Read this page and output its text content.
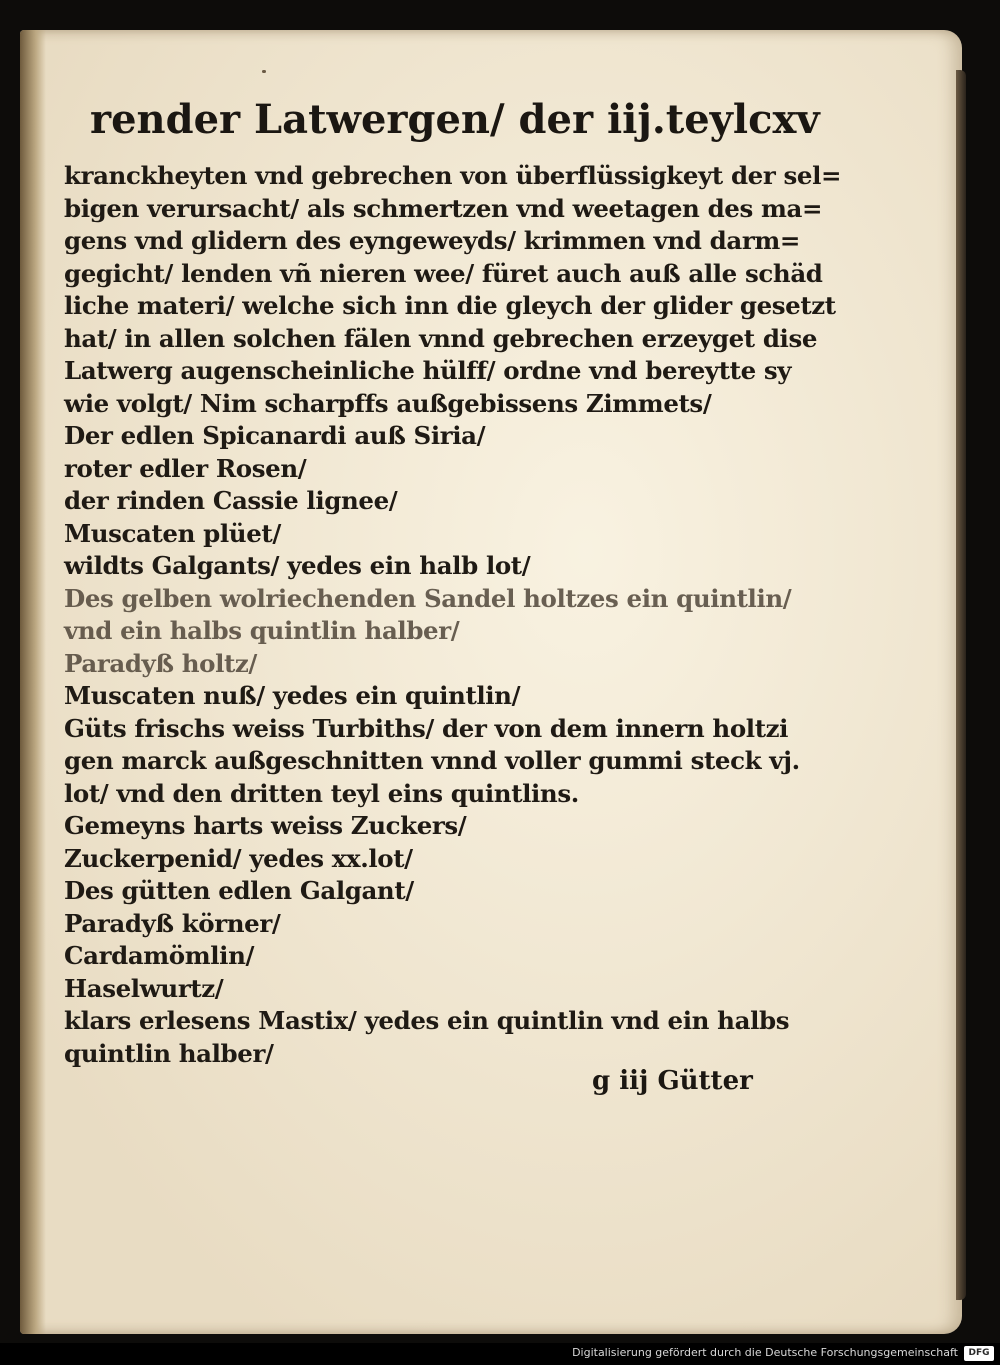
render Latwergen/ der iij.teyl cxv
kranckheyten vnd gebrechen von überflüssigkeyt der sel=
bigen verursacht/ als schmertzen vnd weetagen des ma=
gens vnd glidern des eyngeweyds/ krimmen vnd darm=
gegicht/ lenden vñ nieren wee/ füret auch auß alle schäd
liche materi/ welche sich inn die gleych der glider gesetzt
hat/ in allen solchen fälen vnnd gebrechen erzeyget dise
Latwerg augenscheinliche hülff/ ordne vnd bereytte sy
wie volgt/ Nim scharpffs außgebissens Zimmets/
Der edlen Spicanardi auß Siria/
roter edler Rosen/
der rinden Cassie lignee/
Muscaten plüet/
wildts Galgants/ yedes ein halb lot/
Des gelben wolriechenden Sandel holtzes ein quintlin/
vnd ein halbs quintlin halber/
Paradyß holtz/
Muscaten nuß/ yedes ein quintlin/
Güts frischs weiss Turbiths/ der von dem innern holtzi
gen marck außgeschnitten vnnd voller gummi steck vj.
lot/ vnd den dritten teyl eins quintlins.
Gemeyns harts weiss Zuckers/
Zuckerpenid/ yedes xx.lot/
Des gütten edlen Galgant/
Paradyß körner/
Cardamömlin/
Haselwurtz/
klars erlesens Mastix/ yedes ein quintlin vnd ein halbs
quintlin halber/
g iij Gütter
Digitalisierung gefördert durch die Deutsche Forschungsgemeinschaft	DFG
